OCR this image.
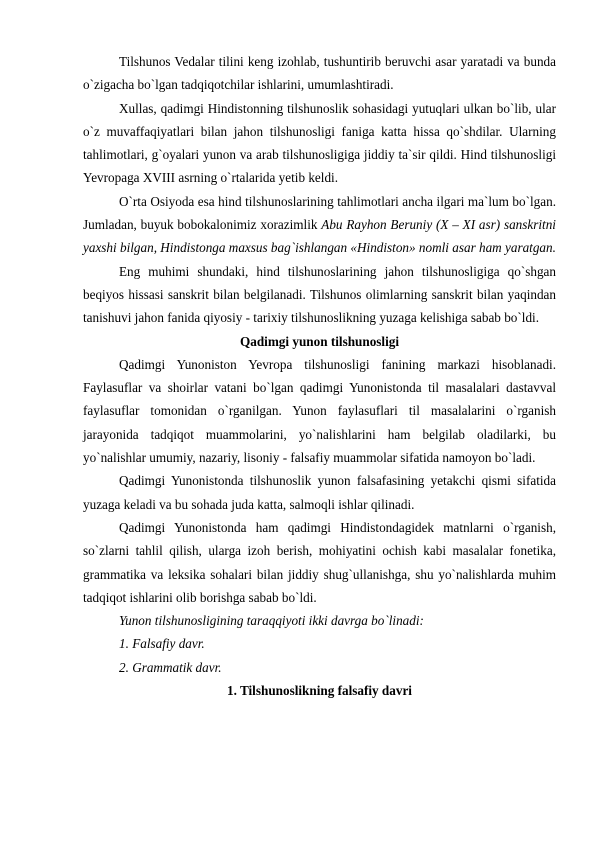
Tilshunos Vedalar tilini keng izohlab, tushuntirib beruvchi asar yaratadi va bunda o`zigacha bo`lgan tadqiqotchilar ishlarini, umumlashtiradi.

Xullas, qadimgi Hindistonning tilshunoslik sohasidagi yutuqlari ulkan bo`lib, ular o`z muvaffaqiyatlari bilan jahon tilshunosligi faniga katta hissa qo`shdilar. Ularning tahlimotlari, g`oyalari yunon va arab tilshunosligiga jiddiy ta`sir qildi. Hind tilshunosligi Yevropaga XVIII asrning o`rtalarida yetib keldi.

O`rta Osiyoda esa hind tilshunoslarining tahlimotlari ancha ilgari ma`lum bo`lgan. Jumladan, buyuk bobokalonimiz xorazimlik Abu Rayhon Beruniy (X – XI asr) sanskritni yaxshi bilgan, Hindistonga maxsus bag`ishlangan «Hindiston» nomli asar ham yaratgan.

Eng muhimi shundaki, hind tilshunoslarining jahon tilshunosligiga qo`shgan beqiyos hissasi sanskrit bilan belgilanadi. Tilshunos olimlarning sanskrit bilan yaqindan tanishuvi jahon fanida qiyosiy - tarixiy tilshunoslikning yuzaga kelishiga sabab bo`ldi.

Qadimgi yunon tilshunosligi

Qadimgi Yunoniston Yevropa tilshunosligi fanining markazi hisoblanadi. Faylasuflar va shoirlar vatani bo`lgan qadimgi Yunonistonda til masalalari dastavval faylasuflar tomonidan o`rganilgan. Yunon faylasuflari til masalalarini o`rganish jarayonida tadqiqot muammolarini, yo`nalishlarini ham belgilab oladilarki, bu yo`nalishlar umumiy, nazariy, lisoniy - falsafiy muammolar sifatida namoyon bo`ladi.

Qadimgi Yunonistonda tilshunoslik yunon falsafasining yetakchi qismi sifatida yuzaga keladi va bu sohada juda katta, salmoqli ishlar qilinadi.

Qadimgi Yunonistonda ham qadimgi Hindistondagidek matnlarni o`rganish, so`zlarni tahlil qilish, ularga izoh berish, mohiyatini ochish kabi masalalar fonetika, grammatika va leksika sohalari bilan jiddiy shug`ullanishga, shu yo`nalishlarda muhim tadqiqot ishlarini olib borishga sabab bo`ldi.

Yunon tilshunosligining taraqqiyoti ikki davrga bo`linadi:

1. Falsafiy davr.

2. Grammatik davr.

1. Tilshunoslikning falsafiy davri
